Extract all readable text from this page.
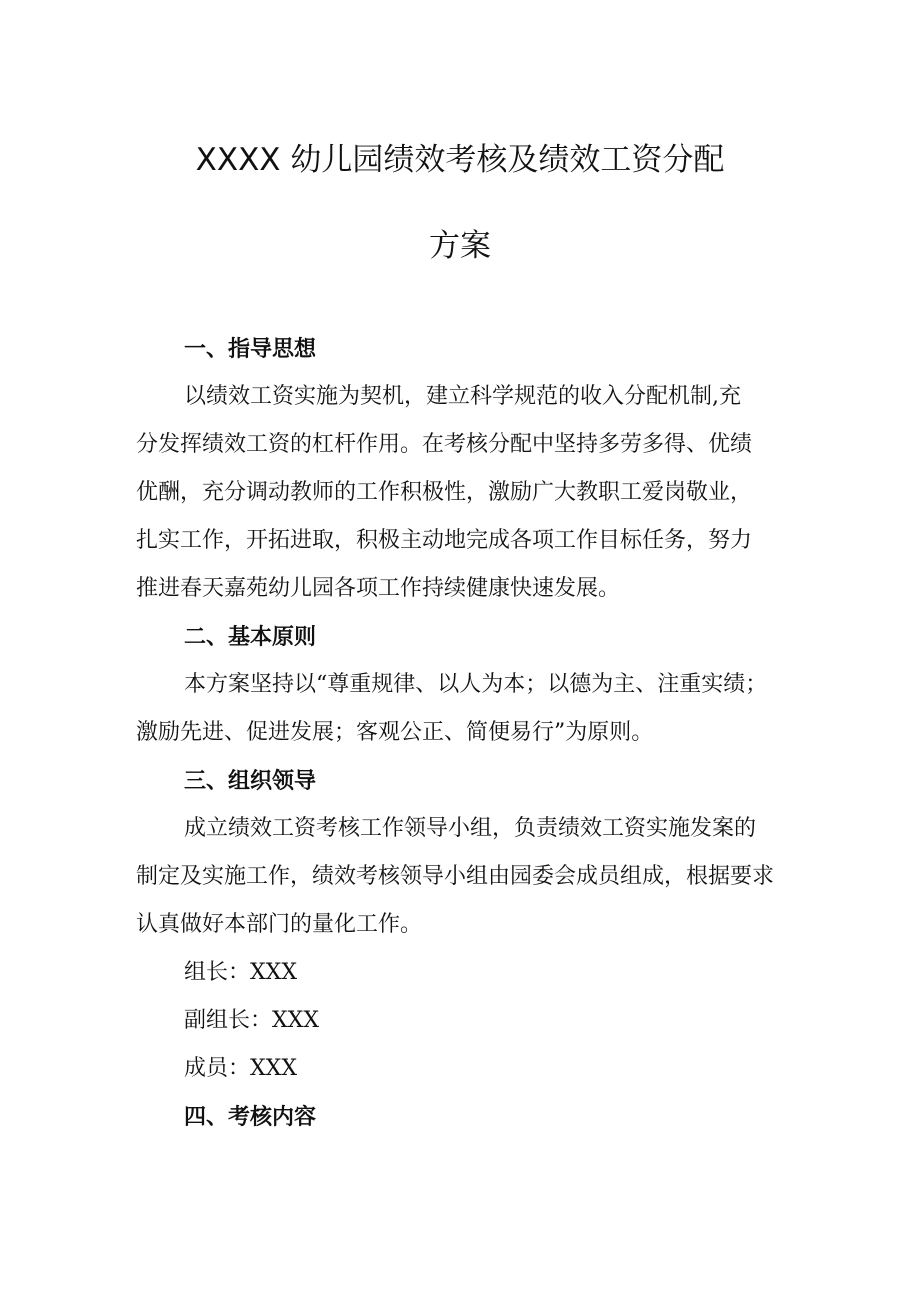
XXXX 幼儿园绩效考核及绩效工资分配
方案
一、指导思想
以绩效工资实施为契机，建立科学规范的收入分配机制,充
分发挥绩效工资的杠杆作用。在考核分配中坚持多劳多得、优绩
优酬，充分调动教师的工作积极性，激励广大教职工爱岗敬业，
扎实工作，开拓进取，积极主动地完成各项工作目标任务，努力
推进春天嘉苑幼儿园各项工作持续健康快速发展。
二、基本原则
本方案坚持以“尊重规律、以人为本；以德为主、注重实绩；
激励先进、促进发展；客观公正、简便易行”为原则。
三、组织领导
成立绩效工资考核工作领导小组，负责绩效工资实施发案的
制定及实施工作，绩效考核领导小组由园委会成员组成，根据要求
认真做好本部门的量化工作。
组长：XXX
副组长：XXX
成员：XXX
四、考核内容
